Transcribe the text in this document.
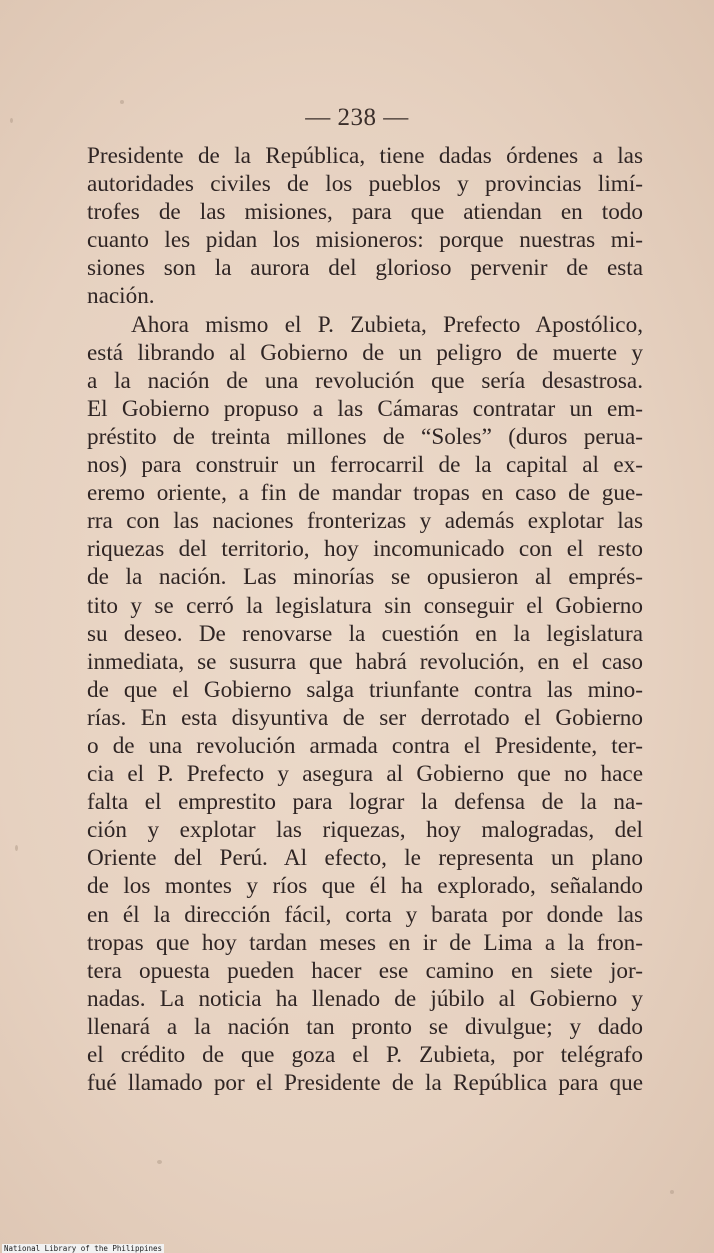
— 238 —
Presidente de la República, tiene dadas órdenes a las
autoridades civiles de los pueblos y provincias limí-
trofes de las misiones, para que atiendan en todo
cuanto les pidan los misioneros: porque nuestras mi-
siones son la aurora del glorioso pervenir de esta
nación.
Ahora mismo el P. Zubieta, Prefecto Apostólico,
está librando al Gobierno de un peligro de muerte y
a la nación de una revolución que sería desastrosa.
El Gobierno propuso a las Cámaras contratar un em-
préstito de treinta millones de “Soles” (duros perua-
nos) para construir un ferrocarril de la capital al ex-
eremo oriente, a fin de mandar tropas en caso de gue-
rra con las naciones fronterizas y además explotar las
riquezas del territorio, hoy incomunicado con el resto
de la nación. Las minorías se opusieron al emprés-
tito y se cerró la legislatura sin conseguir el Gobierno
su deseo. De renovarse la cuestión en la legislatura
inmediata, se susurra que habrá revolución, en el caso
de que el Gobierno salga triunfante contra las mino-
rías. En esta disyuntiva de ser derrotado el Gobierno
o de una revolución armada contra el Presidente, ter-
cia el P. Prefecto y asegura al Gobierno que no hace
falta el emprestito para lograr la defensa de la na-
ción y explotar las riquezas, hoy malogradas, del
Oriente del Perú. Al efecto, le representa un plano
de los montes y ríos que él ha explorado, señalando
en él la dirección fácil, corta y barata por donde las
tropas que hoy tardan meses en ir de Lima a la fron-
tera opuesta pueden hacer ese camino en siete jor-
nadas. La noticia ha llenado de júbilo al Gobierno y
llenará a la nación tan pronto se divulgue; y dado
el crédito de que goza el P. Zubieta, por telégrafo
fué llamado por el Presidente de la República para que
National Library of the Philippines
